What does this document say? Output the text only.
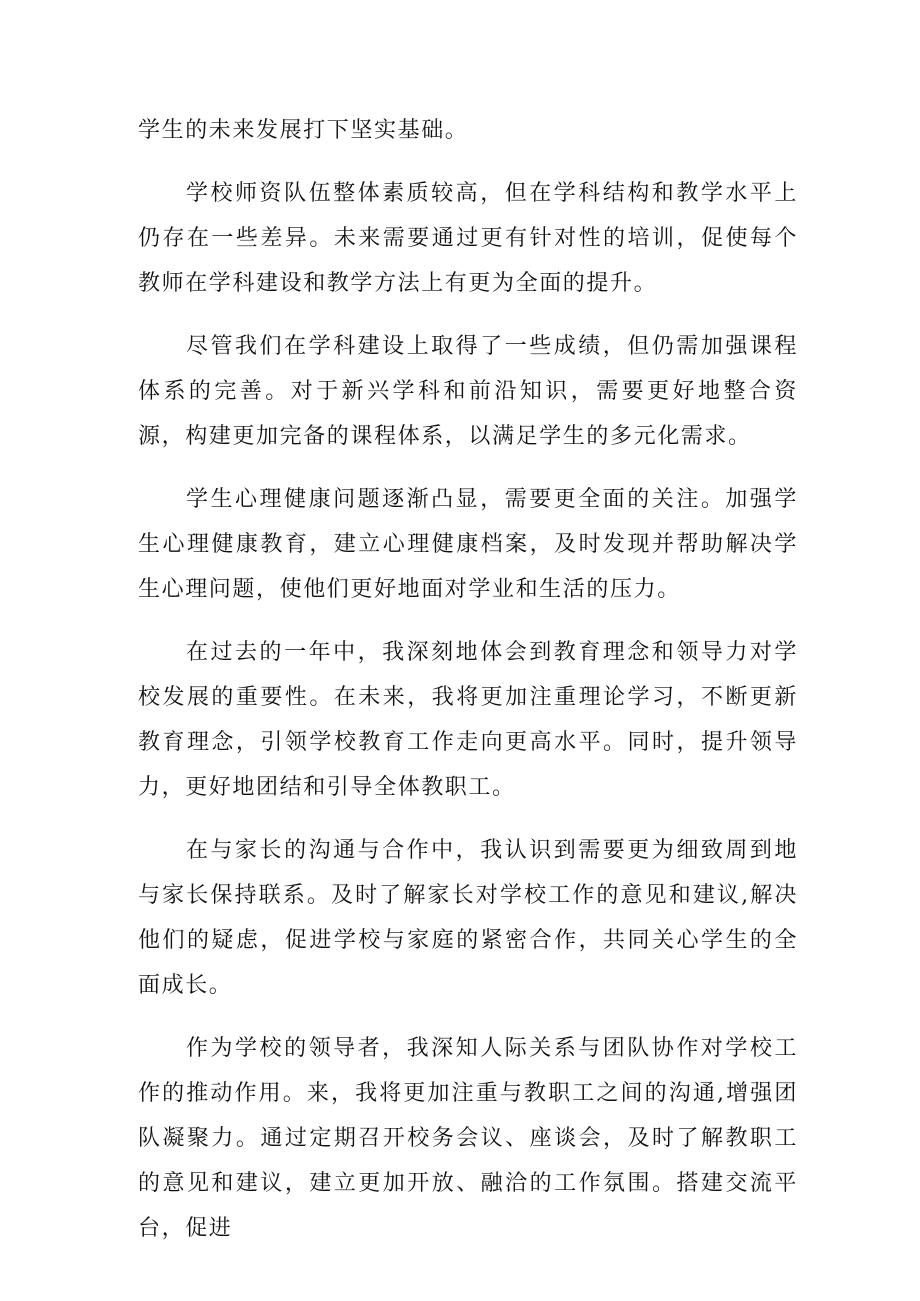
学生的未来发展打下坚实基础。

学校师资队伍整体素质较高，但在学科结构和教学水平上仍存在一些差异。未来需要通过更有针对性的培训，促使每个教师在学科建设和教学方法上有更为全面的提升。

尽管我们在学科建设上取得了一些成绩，但仍需加强课程体系的完善。对于新兴学科和前沿知识，需要更好地整合资源，构建更加完备的课程体系，以满足学生的多元化需求。

学生心理健康问题逐渐凸显，需要更全面的关注。加强学生心理健康教育，建立心理健康档案，及时发现并帮助解决学生心理问题，使他们更好地面对学业和生活的压力。

在过去的一年中，我深刻地体会到教育理念和领导力对学校发展的重要性。在未来，我将更加注重理论学习，不断更新教育理念，引领学校教育工作走向更高水平。同时，提升领导力，更好地团结和引导全体教职工。

在与家长的沟通与合作中，我认识到需要更为细致周到地与家长保持联系。及时了解家长对学校工作的意见和建议,解决他们的疑虑，促进学校与家庭的紧密合作，共同关心学生的全面成长。

作为学校的领导者，我深知人际关系与团队协作对学校工作的推动作用。来，我将更加注重与教职工之间的沟通,增强团队凝聚力。通过定期召开校务会议、座谈会，及时了解教职工的意见和建议，建立更加开放、融洽的工作氛围。搭建交流平台，促进
